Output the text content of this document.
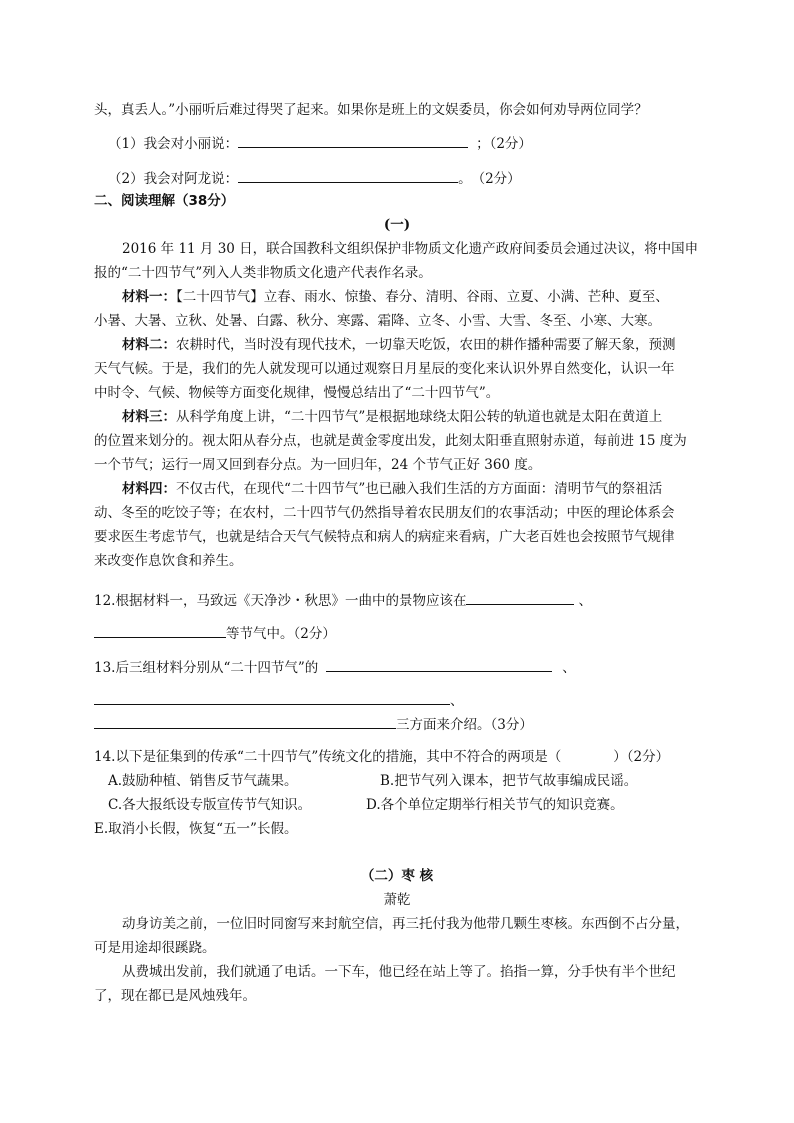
头，真丢人。”小丽听后难过得哭了起来。如果你是班上的文娱委员，你会如何劝导两位同学？
（1）我会对小丽说：	；（2分）
（2）我会对阿龙说：	。　（2分）
二、阅读理解（38分）
(一)
2016 年 11 月 30 日，联合国教科文组织保护非物质文化遗产政府间委员会通过决议，将中国申
报的“二十四节气”列入人类非物质文化遗产代表作名录。
材料一：【二十四节气】立春、雨水、惊蛰、春分、清明、谷雨、立夏、小满、芒种、夏至、
小暑、大暑、立秋、处暑、白露、秋分、寒露、霜降、立冬、小雪、大雪、冬至、小寒、大寒。
材料二：农耕时代，当时没有现代技术，一切靠天吃饭，农田的耕作播种需要了解天象，预测
天气气候。于是，我们的先人就发现可以通过观察日月星辰的变化来认识外界自然变化，认识一年
中时令、气候、物候等方面变化规律，慢慢总结出了“二十四节气”。
材料三：从科学角度上讲，“二十四节气”是根据地球绕太阳公转的轨道也就是太阳在黄道上
的位置来划分的。视太阳从春分点，也就是黄金零度出发，此刻太阳垂直照射赤道，每前进 15 度为
一个节气；运行一周又回到春分点。为一回归年，24 个节气正好 360 度。
材料四：不仅古代，在现代“二十四节气”也已融入我们生活的方方面面：清明节气的祭祖活
动、冬至的吃饺子等；在农村，二十四节气仍然指导着农民朋友们的农事活动；中医的理论体系会
要求医生考虑节气，也就是结合天气气候特点和病人的病症来看病，广大老百姓也会按照节气规律
来改变作息饮食和养生。
12.根据材料一，马致远《天净沙・秋思》一曲中的景物应该在	、
等节气中。（2分）
13.后三组材料分别从“二十四节气”的	、
、
三方面来介绍。（3分）
14.以下是征集到的传承“二十四节气”传统文化的措施，其中不符合的两项是（	）（2分）
A.鼓励种植、销售反节气蔬果。	B.把节气列入课本，把节气故事编成民谣。
C.各大报纸设专版宣传节气知识。	D.各个单位定期举行相关节气的知识竞赛。
E.取消小长假，恢复“五一”长假。
（二）枣 核
萧乾
动身访美之前，一位旧时同窗写来封航空信，再三托付我为他带几颗生枣核。东西倒不占分量，
可是用途却很蹊跷。
从费城出发前，我们就通了电话。一下车，他已经在站上等了。掐指一算，分手快有半个世纪
了，现在都已是风烛残年。
